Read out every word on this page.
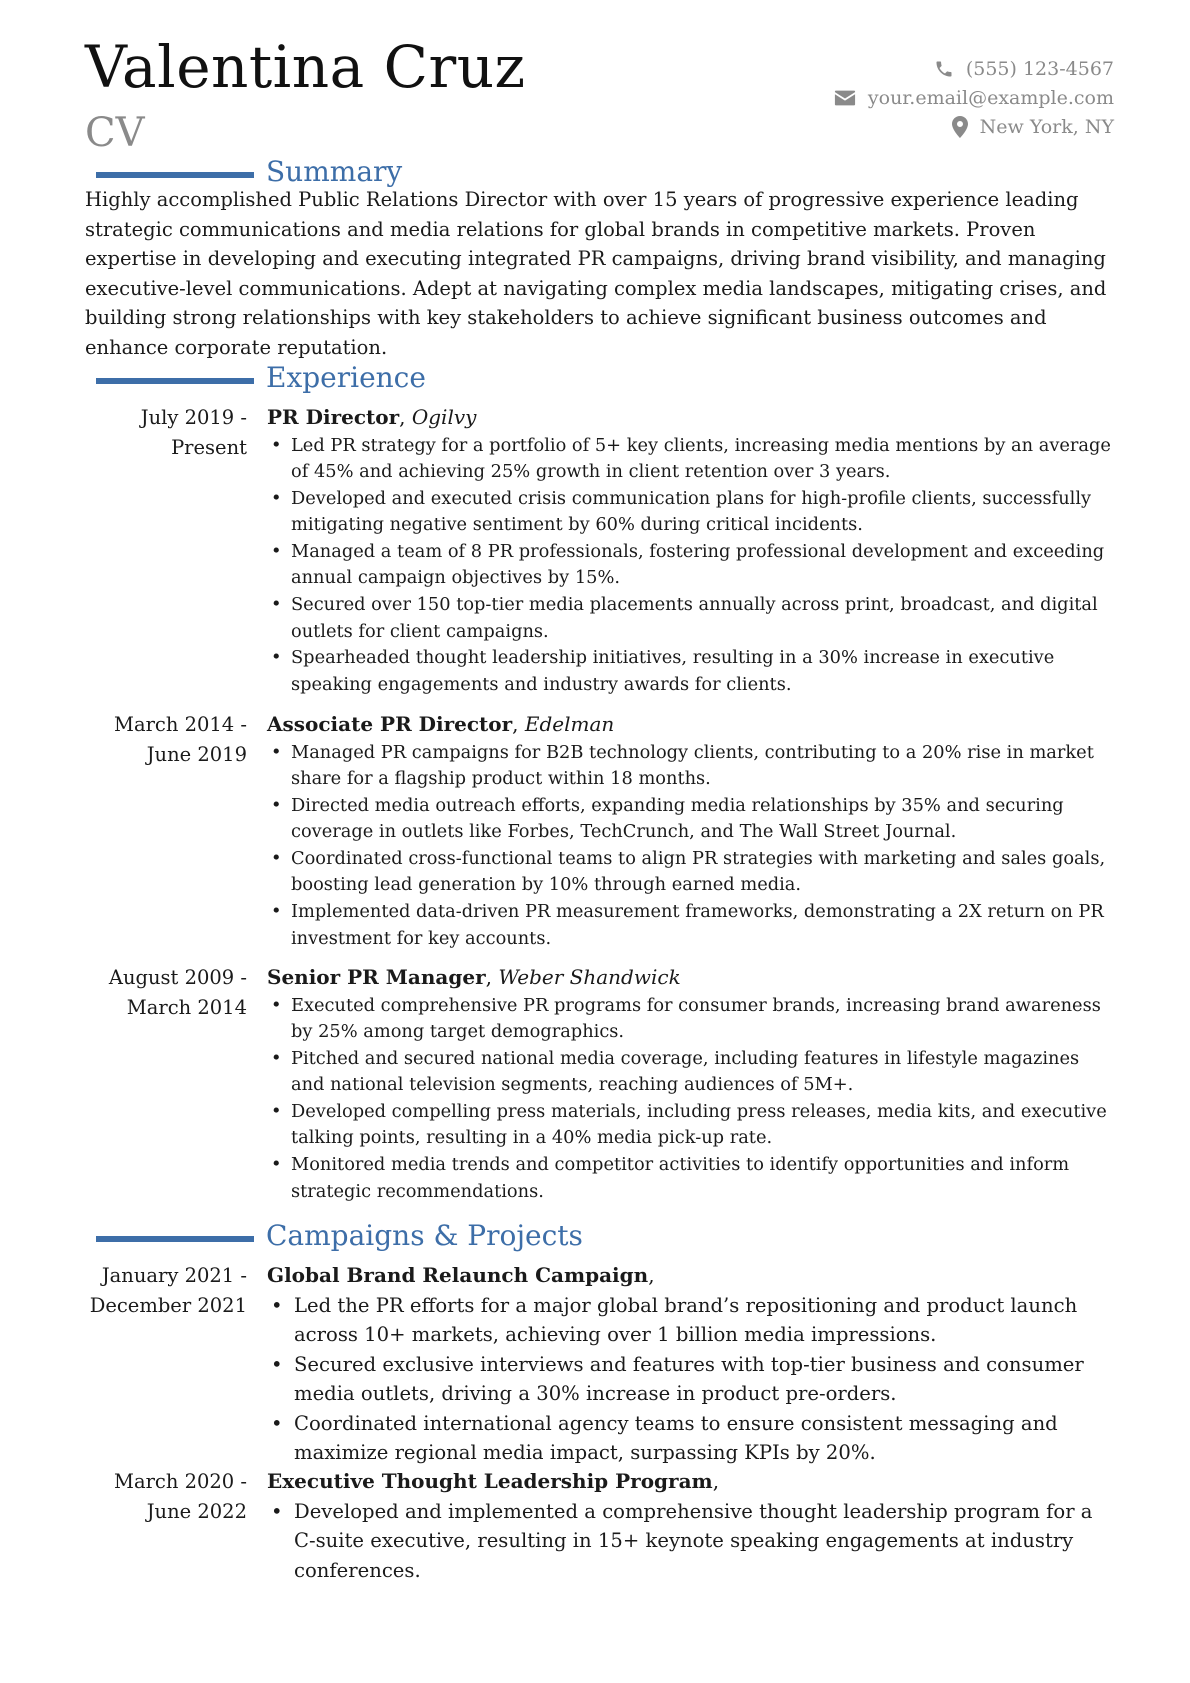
Valentina Cruz
CV
(555) 123-4567
your.email@example.com
New York, NY
Summary
Highly accomplished Public Relations Director with over 15 years of progressive experience leading strategic communications and media relations for global brands in competitive markets. Proven expertise in developing and executing integrated PR campaigns, driving brand visibility, and managing executive-level communications. Adept at navigating complex media landscapes, mitigating crises, and building strong relationships with key stakeholders to achieve significant business outcomes and enhance corporate reputation.
Experience
July 2019 -
Present
PR Director, Ogilvy
• Led PR strategy for a portfolio of 5+ key clients, increasing media mentions by an average of 45% and achieving 25% growth in client retention over 3 years.
• Developed and executed crisis communication plans for high-profile clients, successfully mitigating negative sentiment by 60% during critical incidents.
• Managed a team of 8 PR professionals, fostering professional development and exceeding annual campaign objectives by 15%.
• Secured over 150 top-tier media placements annually across print, broadcast, and digital outlets for client campaigns.
• Spearheaded thought leadership initiatives, resulting in a 30% increase in executive speaking engagements and industry awards for clients.
March 2014 -
June 2019
Associate PR Director, Edelman
• Managed PR campaigns for B2B technology clients, contributing to a 20% rise in market share for a flagship product within 18 months.
• Directed media outreach efforts, expanding media relationships by 35% and securing coverage in outlets like Forbes, TechCrunch, and The Wall Street Journal.
• Coordinated cross-functional teams to align PR strategies with marketing and sales goals, boosting lead generation by 10% through earned media.
• Implemented data-driven PR measurement frameworks, demonstrating a 2X return on PR investment for key accounts.
August 2009 -
March 2014
Senior PR Manager, Weber Shandwick
• Executed comprehensive PR programs for consumer brands, increasing brand awareness by 25% among target demographics.
• Pitched and secured national media coverage, including features in lifestyle magazines and national television segments, reaching audiences of 5M+.
• Developed compelling press materials, including press releases, media kits, and executive talking points, resulting in a 40% media pick-up rate.
• Monitored media trends and competitor activities to identify opportunities and inform strategic recommendations.
Campaigns & Projects
January 2021 -
December 2021
Global Brand Relaunch Campaign,
• Led the PR efforts for a major global brand’s repositioning and product launch across 10+ markets, achieving over 1 billion media impressions.
• Secured exclusive interviews and features with top-tier business and consumer media outlets, driving a 30% increase in product pre-orders.
• Coordinated international agency teams to ensure consistent messaging and maximize regional media impact, surpassing KPIs by 20%.
March 2020 -
June 2022
Executive Thought Leadership Program,
• Developed and implemented a comprehensive thought leadership program for a C-suite executive, resulting in 15+ keynote speaking engagements at industry conferences.
